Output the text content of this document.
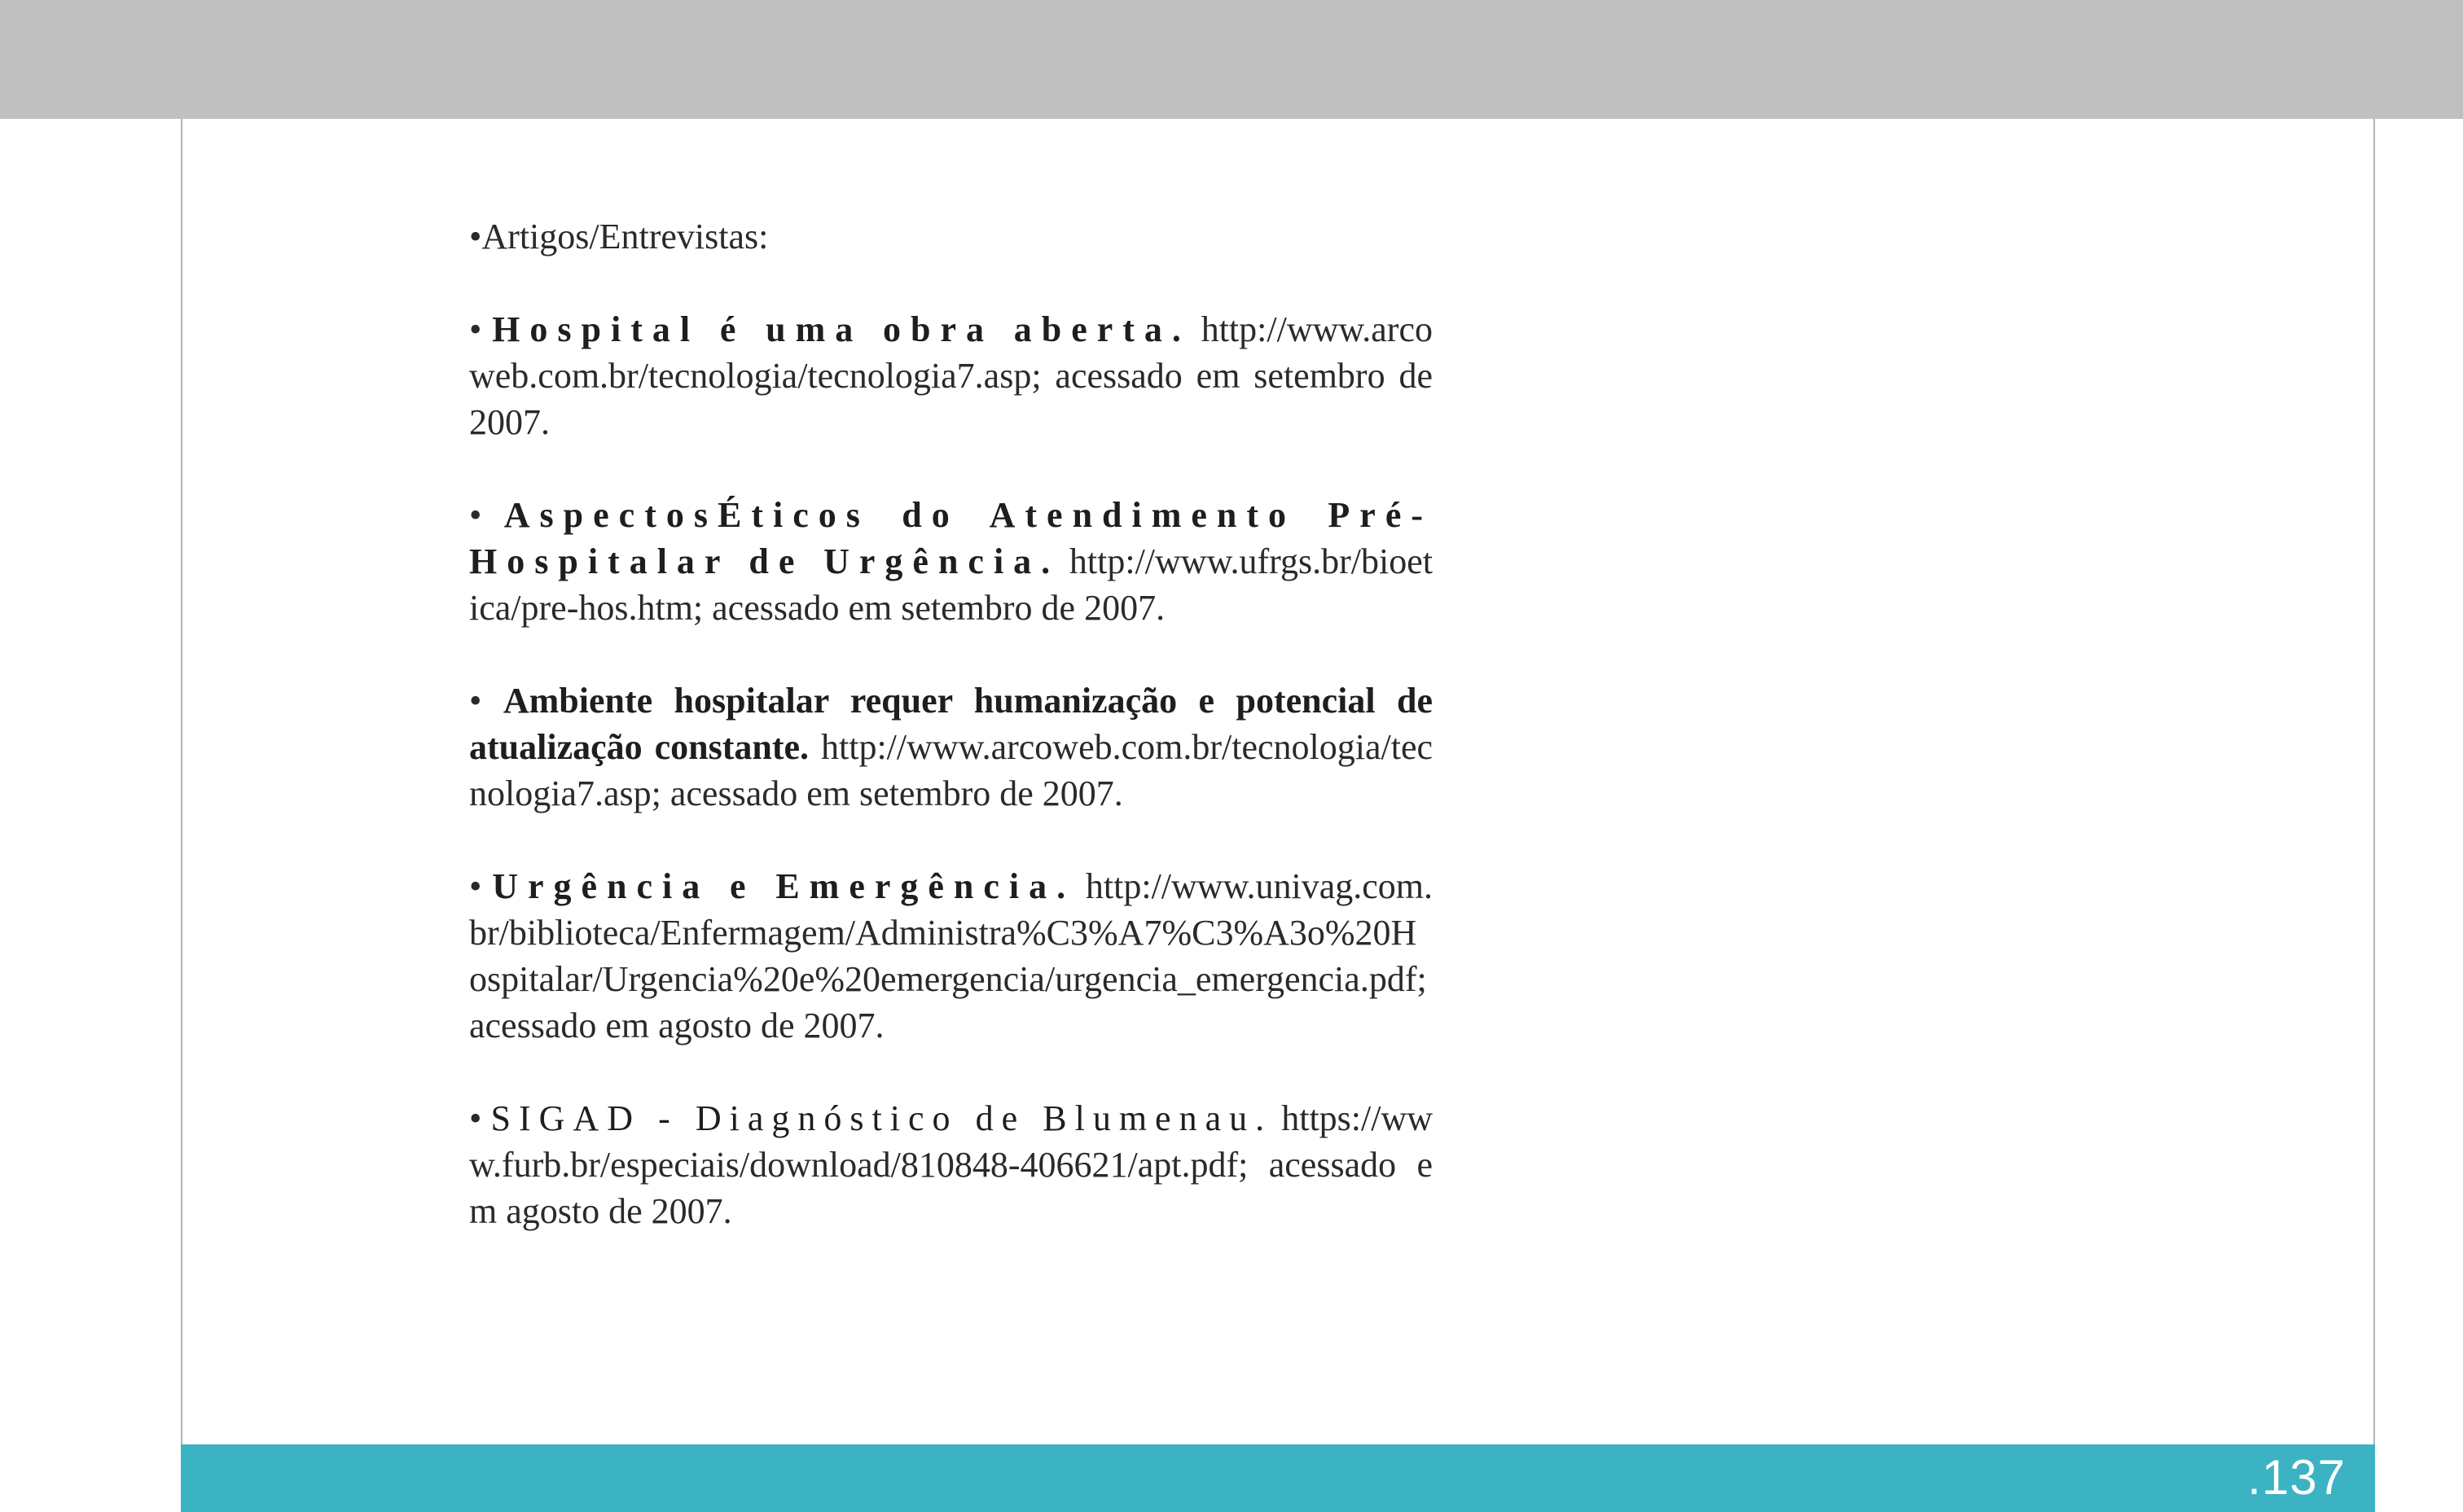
•Artigos/Entrevistas:
• Hospital é uma obra aberta. http://www.arcoweb.com.br/tecnologia/tecnologia7.asp; acessado em setembro de 2007.
• AspectosÉticos do Atendimento Pré-Hospitalar de Urgência. http://www.ufrgs.br/bioetica/pre-hos.htm; acessado em setembro de 2007.
• Ambiente hospitalar requer humanização e potencial de atualização constante. http://www.arcoweb.com.br/tecnologia/tecnologia7.asp; acessado em setembro de 2007.
• Urgência e Emergência. http://www.univag.com.br/biblioteca/Enfermagem/Administra%C3%A7%C3%A3o%20Hospitalar/Urgencia%20e%20emergencia/urgencia_emergencia.pdf; acessado em agosto de 2007.
• SIGAD - Diagnóstico de Blumenau. https://www.furb.br/especiais/download/810848-406621/apt.pdf; acessado em agosto de 2007.
.137
